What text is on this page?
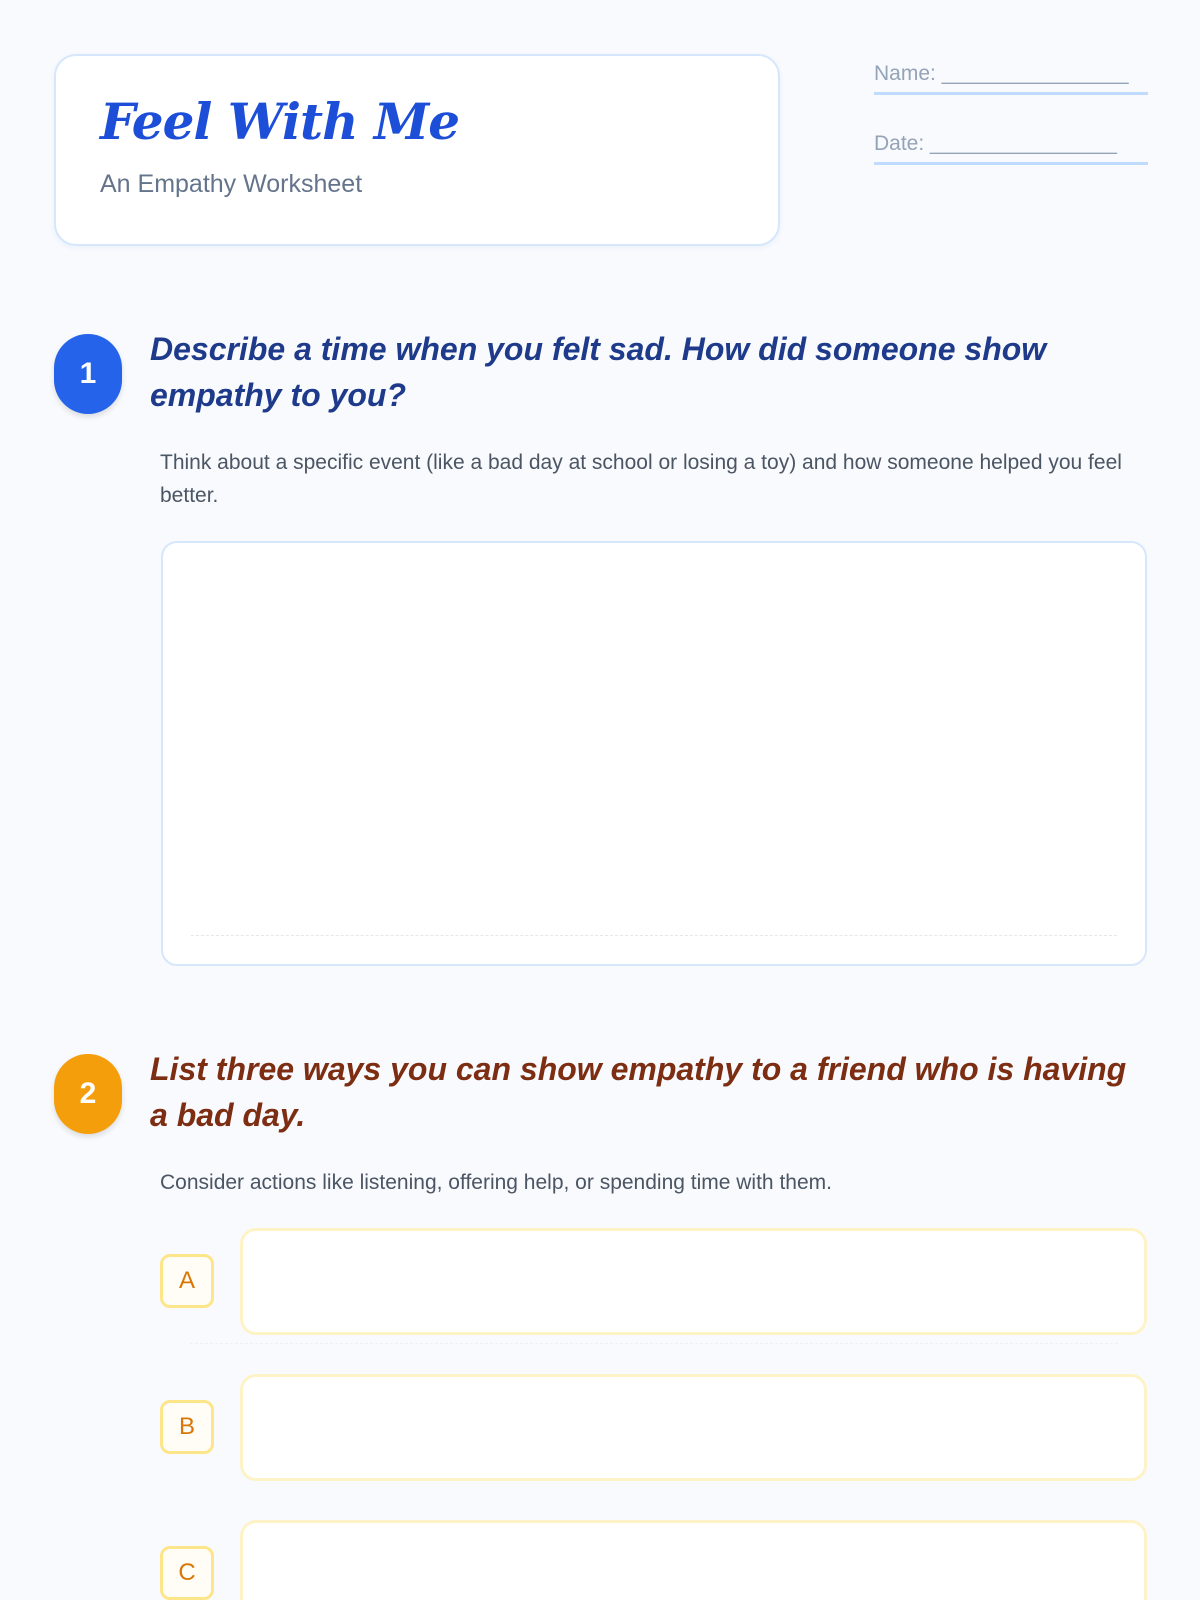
Feel With Me

An Empathy Worksheet

Name: ________________
Date: ________________
1
Describe a time when you felt sad. How did someone show empathy to you?

Think about a specific event (like a bad day at school or losing a toy) and how someone helped you feel better.

2
List three ways you can show empathy to a friend who is having a bad day.

Consider actions like listening, offering help, or spending time with them.

A
B
C
